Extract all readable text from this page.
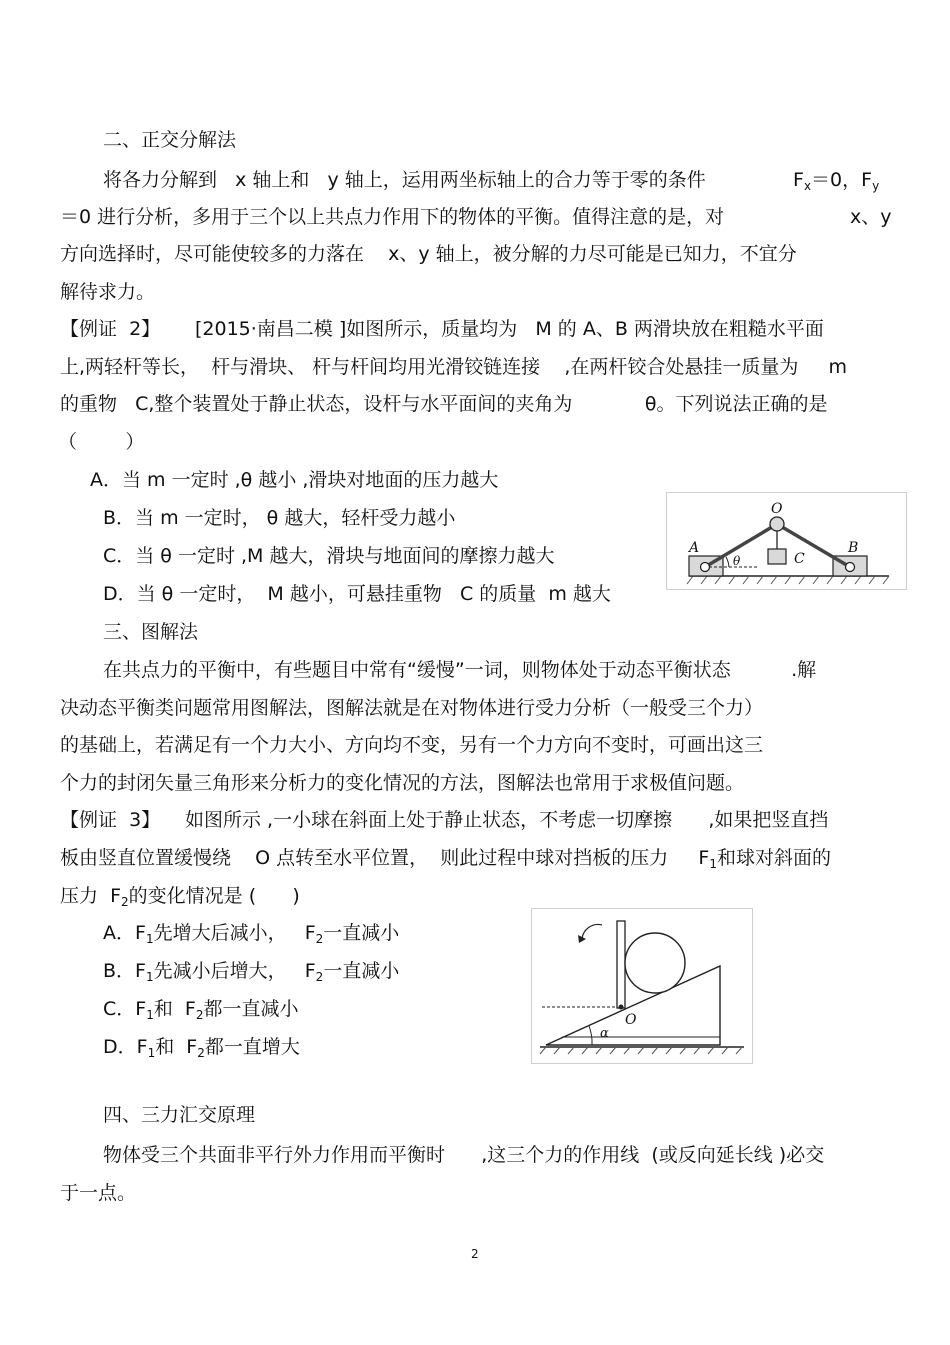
二、正交分解法
将各力分解到   x 轴上和   y 轴上，运用两坐标轴上的合力等于零的条件	$F_x=0$，$F_y$
＝0 进行分析，多用于三个以上共点力作用下的物体的平衡。值得注意的是，对	x、y
方向选择时，尽可能使较多的力落在    x、y 轴上，被分解的力尽可能是已知力，不宜分
解待求力。
【例证  2】 [2015·南昌二模 ]如图所示，质量均为   M 的 A、B 两滑块放在粗糙水平面
上,两轻杆等长，  杆与滑块、 杆与杆间均用光滑铰链连接    ,在两杆铰合处悬挂一质量为     m
的重物   C,整个装置处于静止状态，设杆与水平面间的夹角为            θ。下列说法正确的是
（        ）
A．当 m 一定时 ,θ 越小 ,滑块对地面的压力越大
B．当 m 一定时， θ 越大，轻杆受力越小
C．当 θ 一定时 ,M 越大，滑块与地面间的摩擦力越大
D．当 θ 一定时，  M 越小，可悬挂重物   C 的质量  m 越大
O
A	B
C
θ
三、图解法
在共点力的平衡中，有些题目中常有“缓慢”一词，则物体处于动态平衡状态          .解
决动态平衡类问题常用图解法，图解法就是在对物体进行受力分析（一般受三个力）
的基础上，若满足有一个力大小、方向均不变，另有一个力方向不变时，可画出这三
个力的封闭矢量三角形来分析力的变化情况的方法，图解法也常用于求极值问题。
【例证  3】 如图所示 ,一小球在斜面上处于静止状态，不考虑一切摩擦      ,如果把竖直挡
板由竖直位置缓慢绕    O 点转至水平位置，  则此过程中球对挡板的压力     $F_1$和球对斜面的
压力  $F_2$的变化情况是 (      )
A．$F_1$先增大后减小，   $F_2$一直减小
B．$F_1$先减小后增大，   $F_2$一直减小
C．$F_1$和  $F_2$都一直减小
D．$F_1$和  $F_2$都一直增大
O
α
四、三力汇交原理
物体受三个共面非平行外力作用而平衡时      ,这三个力的作用线  (或反向延长线 )必交
于一点。
2
